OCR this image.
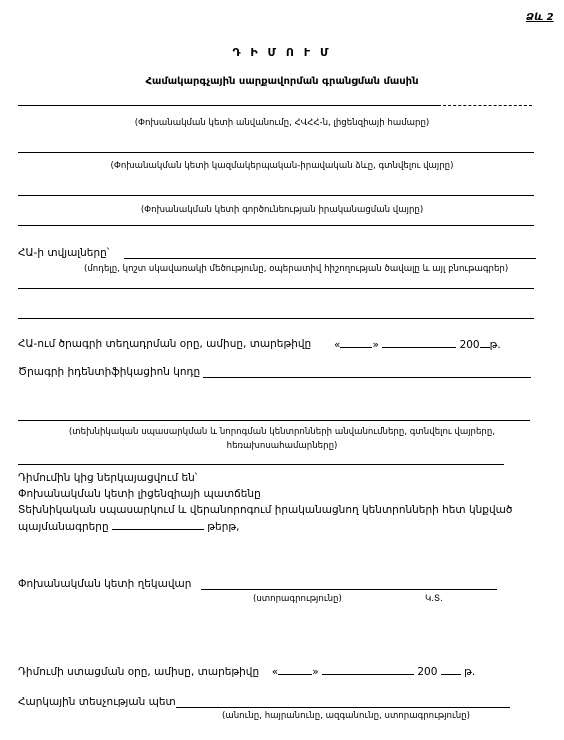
Ձև 2
Դ Ի Մ Ո Ւ Մ
Համակարգչային սարքավորման գրանցման մասին
(Փոխանակման կետի անվանումը, ՀՎՀՀ-ն, լիցենզիայի համարը)
(Փոխանակման կետի կազմակերպական-իրավական ձևը, գտնվելու վայրը)
(Փոխանակման կետի գործունեության իրականացման վայրը)
ՀԱ-ի տվյալները՝
(մոդելը, կոշտ սկավառակի մեծությունը, օպերատիվ հիշողության ծավալը և այլ բնութագրեր)
ՀԱ-ում ծրագրի տեղադրման օրը, ամիսը, տարեթիվը «	»	200 թ.
Ծրագրի իդենտիֆիկացիոն կոդը
(տեխնիկական սպասարկման և նորոգման կենտրոնների անվանումները, գտնվելու վայրերը,
հեռախոսահամարները)
Դիմումին կից ներկայացվում են՝
Փոխանակման կետի լիցենզիայի պատճենը
Տեխնիկական սպասարկում և վերանորոգում իրականացնող կենտրոնների հետ կնքված
պայմանագրերը	թերթ,
Փոխանակման կետի ղեկավար
(ստորագրությունը)	Կ.Տ.
Դիմումի ստացման օրը, ամիսը, տարեթիվը «	»	200	թ.
Հարկային տեսչության պետ
(անունը, հայրանունը, ազգանունը, ստորագրությունը)
